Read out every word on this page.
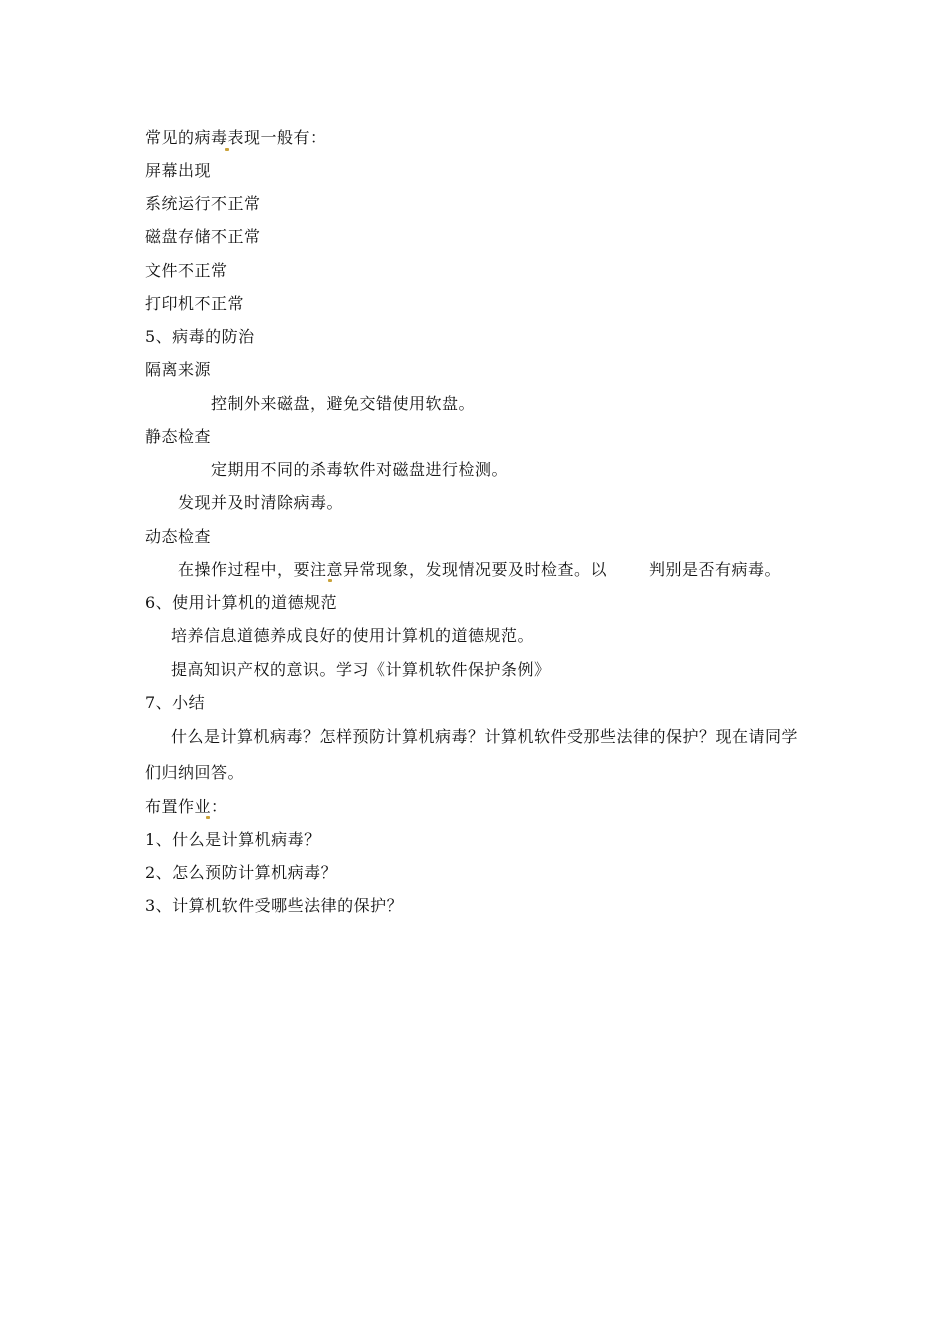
常见的病毒表现一般有：
屏幕出现
系统运行不正常
磁盘存储不正常
文件不正常
打印机不正常
5、病毒的防治
隔离来源
控制外来磁盘，避免交错使用软盘。
静态检查
定期用不同的杀毒软件对磁盘进行检测。
发现并及时清除病毒。
动态检查
在操作过程中，要注意异常现象，发现情况要及时检查。以	判别是否有病毒。
6、使用计算机的道德规范
培养信息道德养成良好的使用计算机的道德规范。
提高知识产权的意识。学习《计算机软件保护条例》
7、小结
什么是计算机病毒？怎样预防计算机病毒？计算机软件受那些法律的保护？现在请同学
们归纳回答。
布置作业：
1、什么是计算机病毒？
2、怎么预防计算机病毒？
3、计算机软件受哪些法律的保护？
